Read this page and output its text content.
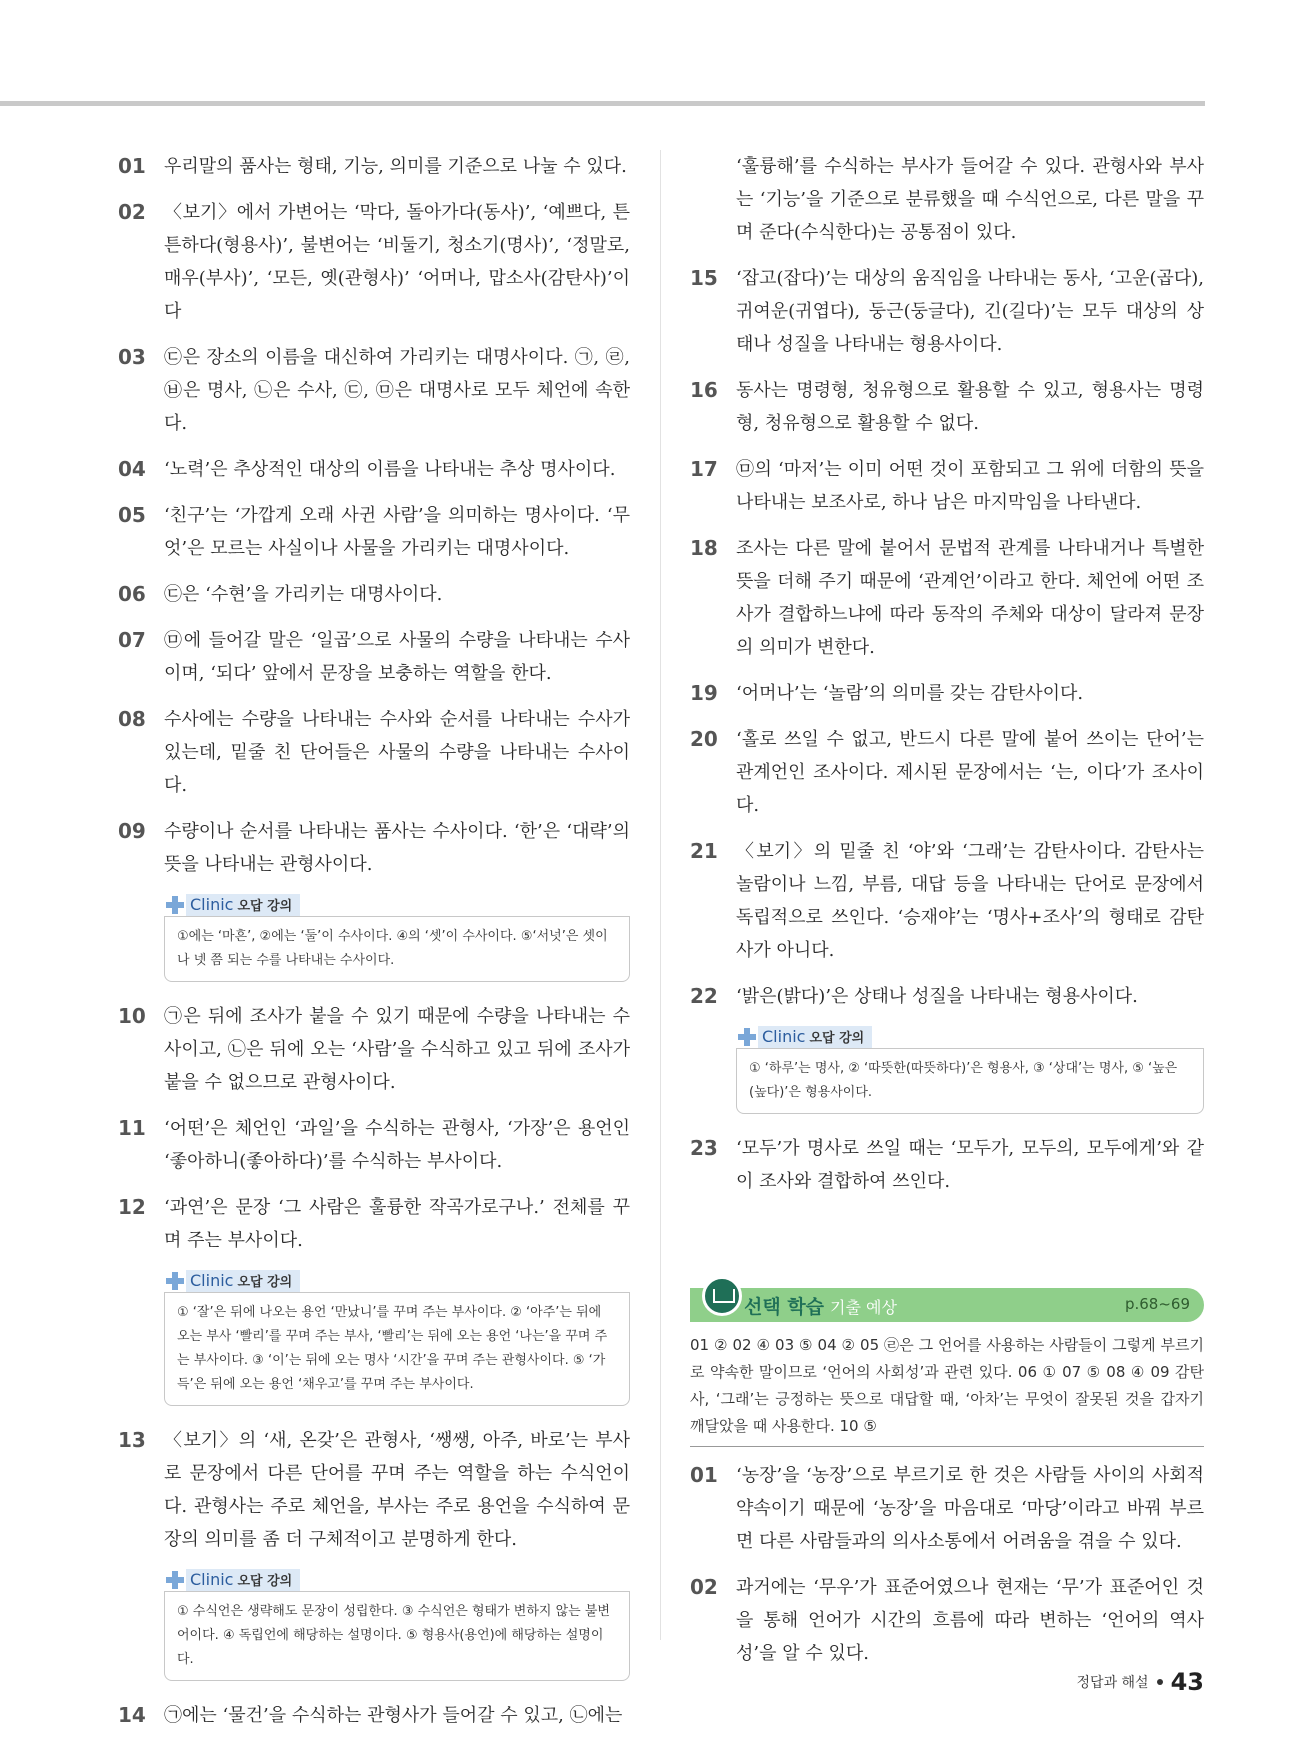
01	우리말의 품사는 형태, 기능, 의미를 기준으로 나눌 수 있다.
02	〈보기〉에서 가변어는 ‘막다, 돌아가다(동사)’, ‘예쁘다, 튼튼하다(형용사)’, 불변어는 ‘비둘기, 청소기(명사)’, ‘정말로, 매우(부사)’, ‘모든, 옛(관형사)’ ‘어머나, 맙소사(감탄사)’이다
03	㉢은 장소의 이름을 대신하여 가리키는 대명사이다. ㉠, ㉣, ㉥은 명사, ㉡은 수사, ㉢, ㉤은 대명사로 모두 체언에 속한다.
04	‘노력’은 추상적인 대상의 이름을 나타내는 추상 명사이다.
05	‘친구’는 ‘가깝게 오래 사귄 사람’을 의미하는 명사이다. ‘무엇’은 모르는 사실이나 사물을 가리키는 대명사이다.
06	㉢은 ‘수현’을 가리키는 대명사이다.
07	㉤에 들어갈 말은 ‘일곱’으로 사물의 수량을 나타내는 수사이며, ‘되다’ 앞에서 문장을 보충하는 역할을 한다.
08	수사에는 수량을 나타내는 수사와 순서를 나타내는 수사가 있는데, 밑줄 친 단어들은 사물의 수량을 나타내는 수사이다.
09	수량이나 순서를 나타내는 품사는 수사이다. ‘한’은 ‘대략’의 뜻을 나타내는 관형사이다.
Clinic 오답 강의
①에는 ‘마흔’, ②에는 ‘둘’이 수사이다. ④의 ‘셋’이 수사이다. ⑤‘서넛’은 셋이나 넷 쯤 되는 수를 나타내는 수사이다.
10	㉠은 뒤에 조사가 붙을 수 있기 때문에 수량을 나타내는 수사이고, ㉡은 뒤에 오는 ‘사람’을 수식하고 있고 뒤에 조사가 붙을 수 없으므로 관형사이다.
11	‘어떤’은 체언인 ‘과일’을 수식하는 관형사, ‘가장’은 용언인 ‘좋아하니(좋아하다)’를 수식하는 부사이다.
12	‘과연’은 문장 ‘그 사람은 훌륭한 작곡가로구나.’ 전체를 꾸며 주는 부사이다.
Clinic 오답 강의
① ‘잘’은 뒤에 나오는 용언 ‘만났니’를 꾸며 주는 부사이다. ② ‘아주’는 뒤에 오는 부사 ‘빨리’를 꾸며 주는 부사, ‘빨리’는 뒤에 오는 용언 ‘나는’을 꾸며 주는 부사이다. ③ ‘이’는 뒤에 오는 명사 ‘시간’을 꾸며 주는 관형사이다. ⑤ ‘가득’은 뒤에 오는 용언 ‘채우고’를 꾸며 주는 부사이다.
13	〈보기〉의 ‘새, 온갖’은 관형사, ‘쌩쌩, 아주, 바로’는 부사로 문장에서 다른 단어를 꾸며 주는 역할을 하는 수식언이다. 관형사는 주로 체언을, 부사는 주로 용언을 수식하여 문장의 의미를 좀 더 구체적이고 분명하게 한다.
Clinic 오답 강의
① 수식언은 생략해도 문장이 성립한다. ③ 수식언은 형태가 변하지 않는 불변어이다. ④ 독립언에 해당하는 설명이다. ⑤ 형용사(용언)에 해당하는 설명이다.
14	㉠에는 ‘물건’을 수식하는 관형사가 들어갈 수 있고, ㉡에는
‘훌륭해’를 수식하는 부사가 들어갈 수 있다. 관형사와 부사는 ‘기능’을 기준으로 분류했을 때 수식언으로, 다른 말을 꾸며 준다(수식한다)는 공통점이 있다.
15	‘잡고(잡다)’는 대상의 움직임을 나타내는 동사, ‘고운(곱다), 귀여운(귀엽다), 둥근(둥글다), 긴(길다)’는 모두 대상의 상태나 성질을 나타내는 형용사이다.
16	동사는 명령형, 청유형으로 활용할 수 있고, 형용사는 명령형, 청유형으로 활용할 수 없다.
17	㉤의 ‘마저’는 이미 어떤 것이 포함되고 그 위에 더함의 뜻을 나타내는 보조사로, 하나 남은 마지막임을 나타낸다.
18	조사는 다른 말에 붙어서 문법적 관계를 나타내거나 특별한 뜻을 더해 주기 때문에 ‘관계언’이라고 한다. 체언에 어떤 조사가 결합하느냐에 따라 동작의 주체와 대상이 달라져 문장의 의미가 변한다.
19	‘어머나’는 ‘놀람’의 의미를 갖는 감탄사이다.
20	‘홀로 쓰일 수 없고, 반드시 다른 말에 붙어 쓰이는 단어’는 관계언인 조사이다. 제시된 문장에서는 ‘는, 이다’가 조사이다.
21	〈보기〉의 밑줄 친 ‘야’와 ‘그래’는 감탄사이다. 감탄사는 놀람이나 느낌, 부름, 대답 등을 나타내는 단어로 문장에서 독립적으로 쓰인다. ‘승재야’는 ‘명사+조사’의 형태로 감탄사가 아니다.
22	‘밝은(밝다)’은 상태나 성질을 나타내는 형용사이다.
Clinic 오답 강의
① ‘하루’는 명사, ② ‘따뜻한(따뜻하다)’은 형용사, ③ ‘상대’는 명사, ⑤ ‘높은(높다)’은 형용사이다.
23	‘모두’가 명사로 쓰일 때는 ‘모두가, 모두의, 모두에게’와 같이 조사와 결합하여 쓰인다.
선택 학습 기출 예상	p.68~69
01 ② 02 ④ 03 ⑤ 04 ② 05 ㉣은 그 언어를 사용하는 사람들이 그렇게 부르기로 약속한 말이므로 ‘언어의 사회성’과 관련 있다. 06 ① 07 ⑤ 08 ④ 09 감탄사, ‘그래’는 긍정하는 뜻으로 대답할 때, ‘아차’는 무엇이 잘못된 것을 갑자기 깨달았을 때 사용한다. 10 ⑤
01	‘농장’을 ‘농장’으로 부르기로 한 것은 사람들 사이의 사회적 약속이기 때문에 ‘농장’을 마음대로 ‘마당’이라고 바꿔 부르면 다른 사람들과의 의사소통에서 어려움을 겪을 수 있다.
02	과거에는 ‘무우’가 표준어였으나 현재는 ‘무’가 표준어인 것을 통해 언어가 시간의 흐름에 따라 변하는 ‘언어의 역사성’을 알 수 있다.
정답과 해설 43
